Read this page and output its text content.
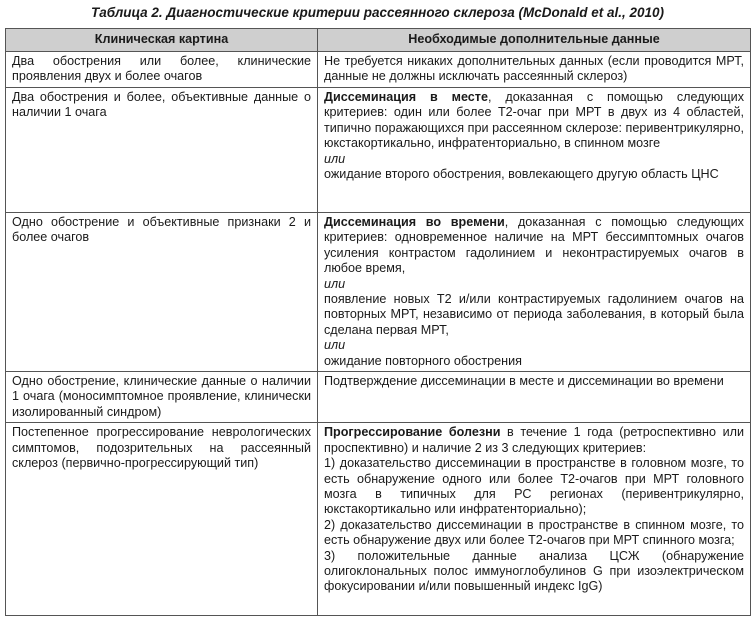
Таблица 2. Диагностические критерии рассеянного склероза (McDonald et al., 2010)
Клиническая картина	Необходимые дополнительные данные
Два обострения или более, клинические проявления двух и более очагов	Не требуется никаких дополнительных данных (если проводится МРТ, данные не должны исключать рассеянный склероз)

Два обострения и более, объективные данные о наличии 1 очага	Диссеминация в месте, доказанная с помощью следующих критериев: один или более Т2-очаг при МРТ в двух из 4 областей, типично поражающихся при рассеянном склерозе: перивентрикулярно, юкстакортикально, инфратенториально, в спинном мозге
или
ожидание второго обострения, вовлекающего другую область ЦНС

Одно обострение и объективные признаки 2 и более очагов	Диссеминация во времени, доказанная с помощью следующих критериев: одновременное наличие на МРТ бессимптомных очагов усиления контрастом гадолинием и неконтрастируемых очагов в любое время,
или
появление новых Т2 и/или контрастируемых гадолинием очагов на повторных МРТ, независимо от периода заболевания, в который была сделана первая МРТ,
или
ожидание повторного обострения

Одно обострение, клинические данные о наличии 1 очага (моносимптомное проявление, клинически изолированный синдром)	Подтверждение диссеминации в месте и диссеминации во времени

Постепенное прогрессирование неврологических симптомов, подозрительных на рассеянный склероз (первично-прогрессирующий тип)	Прогрессирование болезни в течение 1 года (ретроспективно или проспективно) и наличие 2 из 3 следующих критериев:
1) доказательство диссеминации в пространстве в головном мозге, то есть обнаружение одного или более Т2-очагов при МРТ головного мозга в типичных для РС регионах (перивентрикулярно, юкстакортикально или инфратенториально);
2) доказательство диссеминации в пространстве в спинном мозге, то есть обнаружение двух или более Т2-очагов при МРТ спинного мозга;
3) положительные данные анализа ЦСЖ (обнаружение олигоклональных полос иммуноглобулинов G при изоэлектрическом фокусировании и/или повышенный индекс IgG)
